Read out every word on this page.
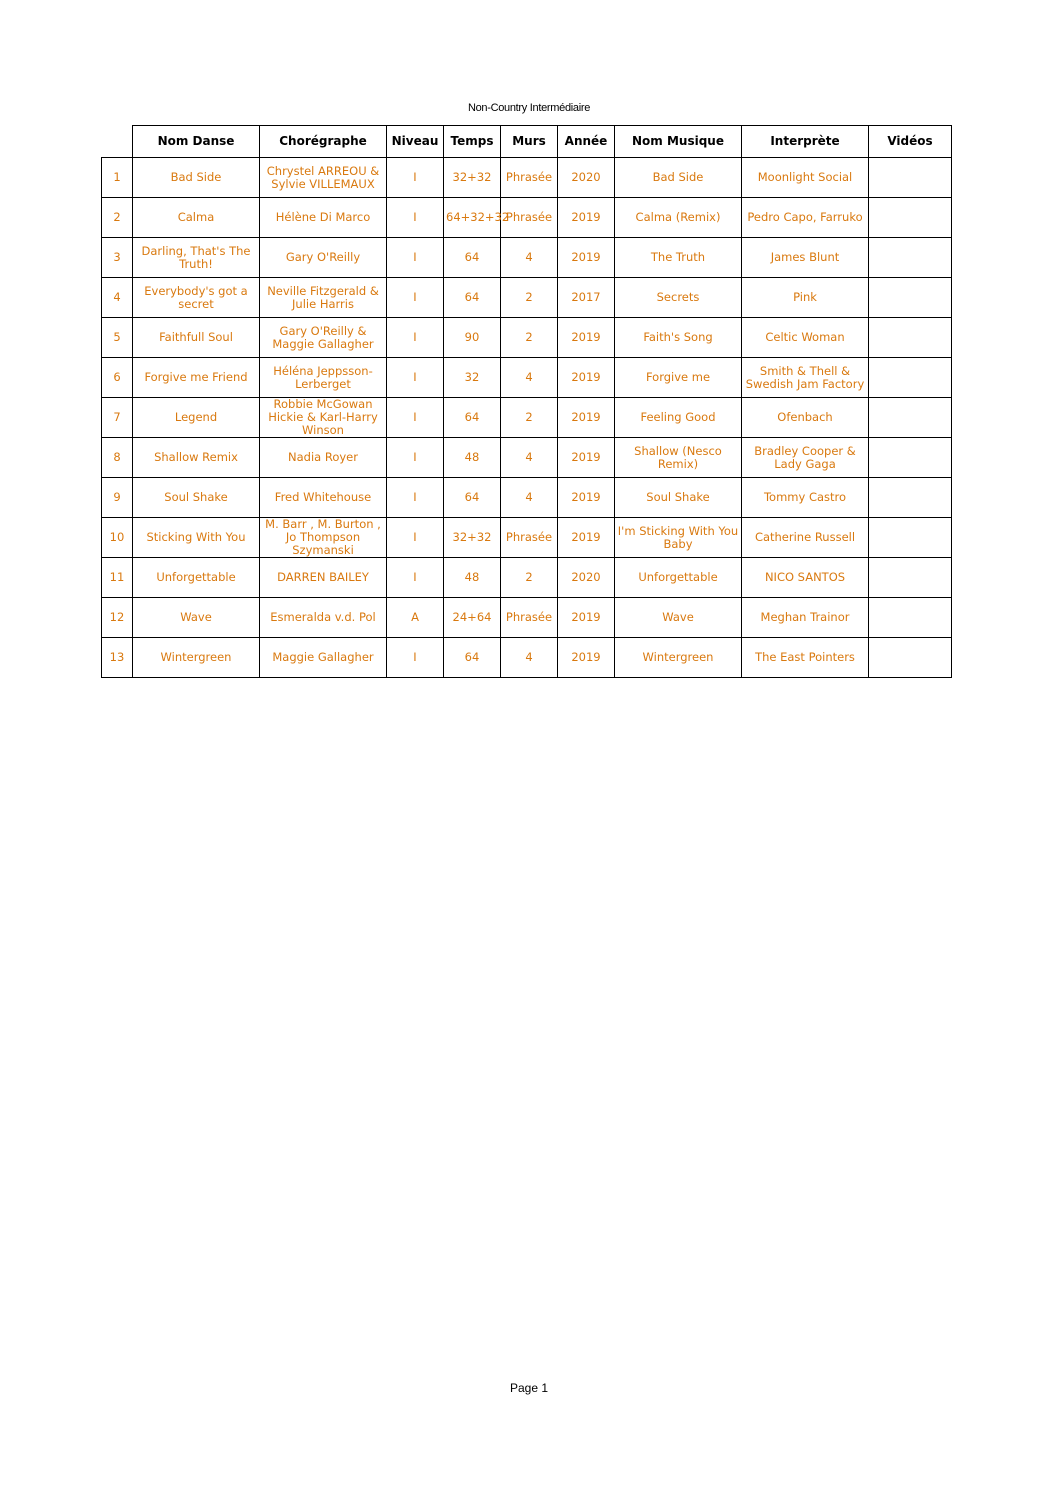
Non-Country Intermédiaire
	Nom Danse	Chorégraphe	Niveau	Temps	Murs	Année	Nom Musique	Interprète	Vidéos
1	Bad Side	Chrystel ARREOU & Sylvie VILLEMAUX	I	32+32	Phrasée	2020	Bad Side	Moonlight Social	
2	Calma	Hélène Di Marco	I	64+32+32	Phrasée	2019	Calma (Remix)	Pedro Capo, Farruko	
3	Darling, That's The Truth!	Gary O'Reilly	I	64	4	2019	The Truth	James Blunt	
4	Everybody's got a secret	Neville Fitzgerald & Julie Harris	I	64	2	2017	Secrets	Pink	
5	Faithfull Soul	Gary O'Reilly & Maggie Gallagher	I	90	2	2019	Faith's Song	Celtic Woman	
6	Forgive me Friend	Héléna Jeppsson-Lerberget	I	32	4	2019	Forgive me	Smith & Thell & Swedish Jam Factory	
7	Legend	Robbie McGowan Hickie & Karl-Harry Winson	I	64	2	2019	Feeling Good	Ofenbach	
8	Shallow Remix	Nadia Royer	I	48	4	2019	Shallow (Nesco Remix)	Bradley Cooper & Lady Gaga	
9	Soul Shake	Fred Whitehouse	I	64	4	2019	Soul Shake	Tommy Castro	
10	Sticking With You	M. Barr , M. Burton , Jo Thompson Szymanski	I	32+32	Phrasée	2019	I'm Sticking With You Baby	Catherine Russell	
11	Unforgettable	DARREN BAILEY	I	48	2	2020	Unforgettable	NICO SANTOS	
12	Wave	Esmeralda v.d. Pol	A	24+64	Phrasée	2019	Wave	Meghan Trainor	
13	Wintergreen	Maggie Gallagher	I	64	4	2019	Wintergreen	The East Pointers	
Page 1
